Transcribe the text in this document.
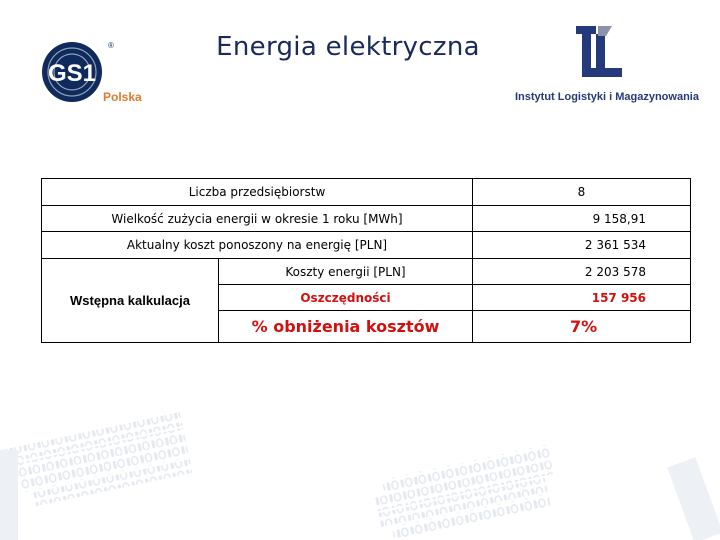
Energia elektryczna
GS1
®
Polska	Instytut Logistyki i Magazynowania
Liczba przedsiębiorstw		8
Wielkość zużycia energii w okresie 1 roku [MWh]		9 158,91
Aktualny koszt ponoszony na energię [PLN]		2 361 534
Wstępna kalkulacja	Koszty energii [PLN]	2 203 578
	Oszczędności	157 956
	% obniżenia kosztów	7%
